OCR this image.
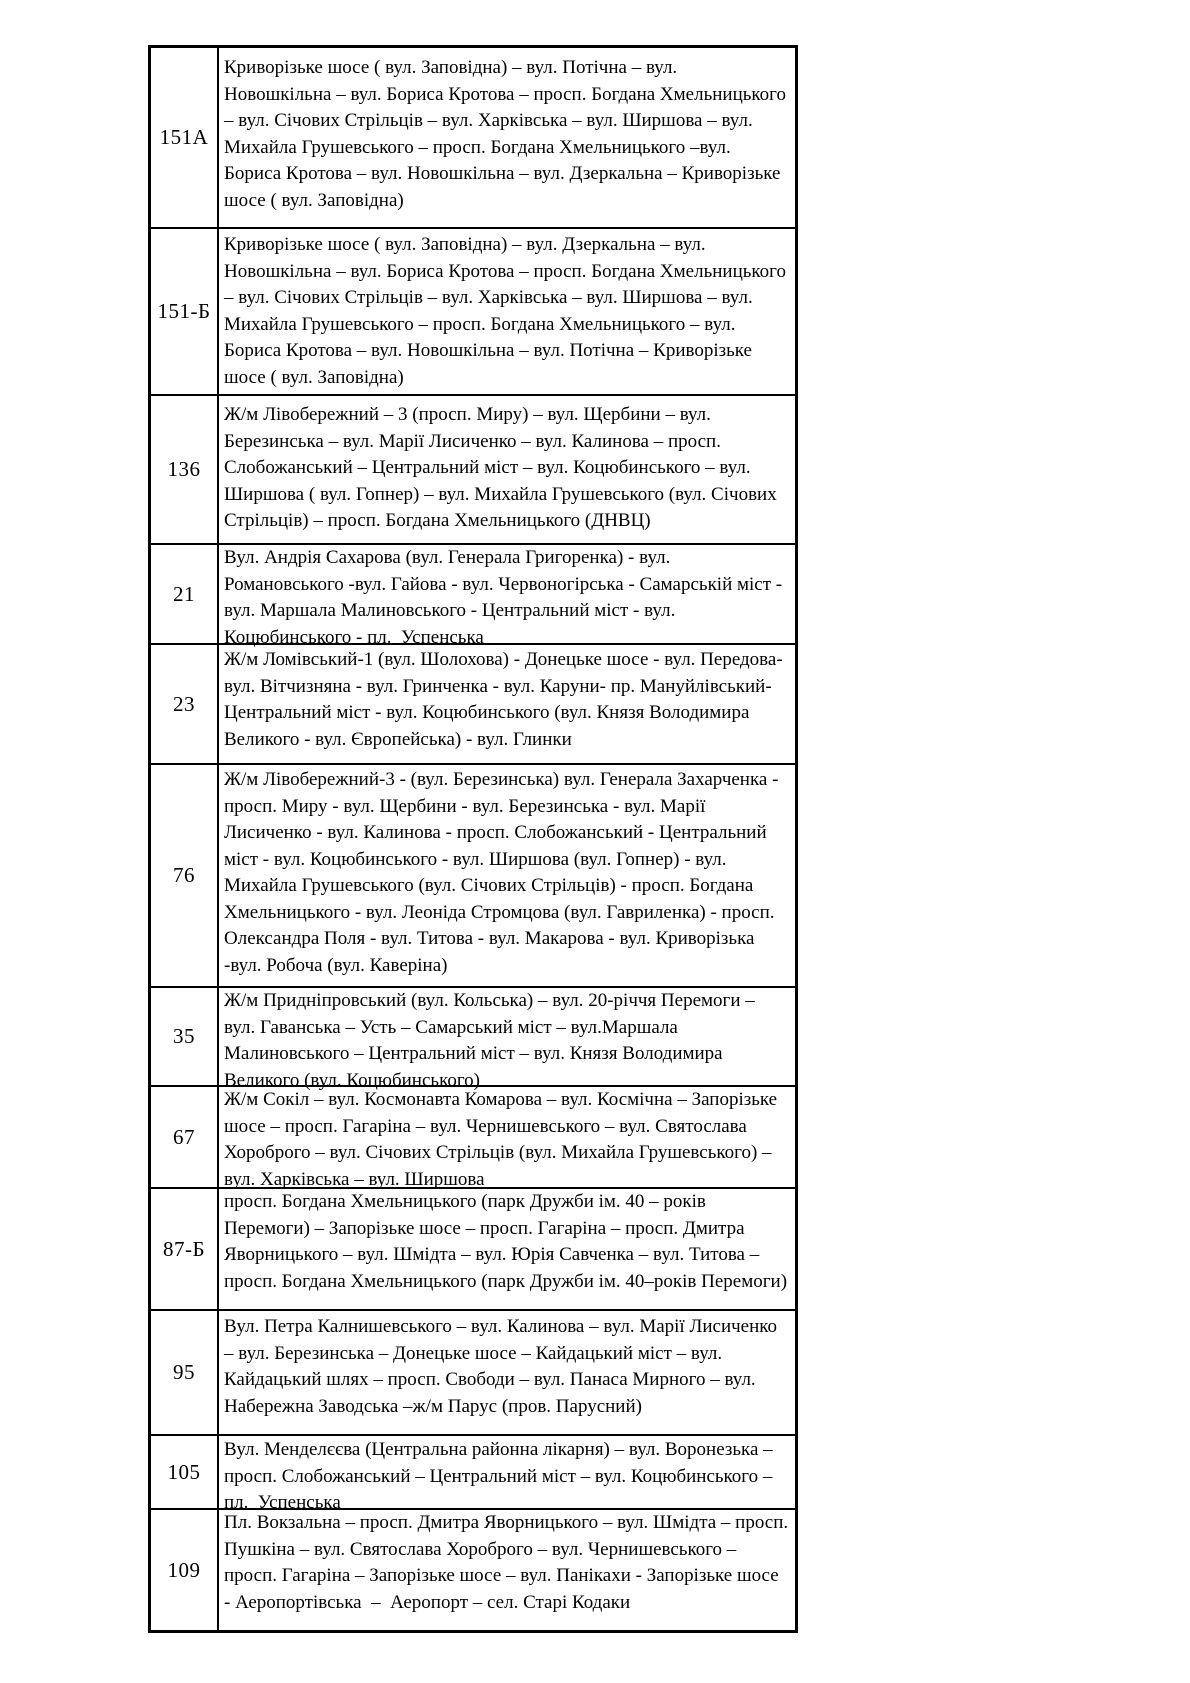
151А
Криворізьке шосе ( вул. Заповідна) – вул. Потічна – вул. Новошкільна – вул. Бориса Кротова – просп. Богдана Хмельницького – вул. Січових Стрільців – вул. Харківська – вул. Ширшова – вул. Михайла Грушевського – просп. Богдана Хмельницького –вул. Бориса Кротова – вул. Новошкільна – вул. Дзеркальна – Криворізьке шосе ( вул. Заповідна)
151-Б
Криворізьке шосе ( вул. Заповідна) – вул. Дзеркальна – вул. Новошкільна – вул. Бориса Кротова – просп. Богдана Хмельницького – вул. Січових Стрільців – вул. Харківська – вул. Ширшова – вул. Михайла Грушевського – просп. Богдана Хмельницького – вул. Бориса Кротова – вул. Новошкільна – вул. Потічна – Криворізьке шосе ( вул. Заповідна)
136
Ж/м Лівобережний – 3 (просп. Миру) – вул. Щербини – вул. Березинська – вул. Марії Лисиченко – вул. Калинова – просп. Слобожанський – Центральний міст – вул. Коцюбинського – вул. Ширшова ( вул. Гопнер) – вул. Михайла Грушевського (вул. Січових Стрільців) – просп. Богдана Хмельницького (ДНВЦ)
21
Вул. Андрія Сахарова (вул. Генерала Григоренка) - вул. Романовського -вул. Гайова - вул. Червоногірська - Самарській міст - вул. Маршала Малиновського - Центральний міст - вул. Коцюбинського - пл.  Успенська
23
Ж/м Ломівський-1 (вул. Шолохова) - Донецьке шосе - вул. Передова- вул. Вітчизняна - вул. Гринченка - вул. Каруни- пр. Мануйлівський- Центральний міст - вул. Коцюбинського (вул. Князя Володимира Великого - вул. Європейська) - вул. Глинки
76
Ж/м Лівобережний-3 - (вул. Березинська) вул. Генерала Захарченка - просп. Миру - вул. Щербини - вул. Березинська - вул. Марії Лисиченко - вул. Калинова - просп. Слобожанський - Центральний міст - вул. Коцюбинського - вул. Ширшова (вул. Гопнер) - вул. Михайла Грушевського (вул. Січових Стрільців) - просп. Богдана Хмельницького - вул. Леоніда Стромцова (вул. Гавриленка) - просп. Олександра Поля - вул. Титова - вул. Макарова - вул. Криворізька -вул. Робоча (вул. Каверіна)
35
Ж/м Придніпровський (вул. Кольська) – вул. 20-річчя Перемоги – вул. Гаванська – Усть – Самарський міст – вул.Маршала Малиновського – Центральний міст – вул. Князя Володимира Великого (вул. Коцюбинського)
67
Ж/м Сокіл – вул. Космонавта Комарова – вул. Космічна – Запорізьке шосе – просп. Гагаріна – вул. Чернишевського – вул. Святослава Хороброго – вул. Січових Стрільців (вул. Михайла Грушевського) – вул. Харківська – вул. Ширшова
87-Б
просп. Богдана Хмельницького (парк Дружби ім. 40 – років Перемоги) – Запорізьке шосе – просп. Гагаріна – просп. Дмитра Яворницького – вул. Шмідта – вул. Юрія Савченка – вул. Титова – просп. Богдана Хмельницького (парк Дружби ім. 40–років Перемоги)
95
Вул. Петра Калнишевського – вул. Калинова – вул. Марії Лисиченко – вул. Березинська – Донецьке шосе – Кайдацький міст – вул. Кайдацький шлях – просп. Свободи – вул. Панаса Мирного – вул. Набережна Заводська –ж/м Парус (пров. Парусний)
105
Вул. Менделєєва (Центральна районна лікарня) – вул. Воронезька – просп. Слобожанський – Центральний міст – вул. Коцюбинського – пл.  Успенська
109
Пл. Вокзальна – просп. Дмитра Яворницького – вул. Шмідта – просп. Пушкіна – вул. Святослава Хороброго – вул. Чернишевського – просп. Гагаріна – Запорізьке шосе – вул. Панікахи - Запорізьке шосе - Аеропортівська  –  Аеропорт – сел. Старі Кодаки
